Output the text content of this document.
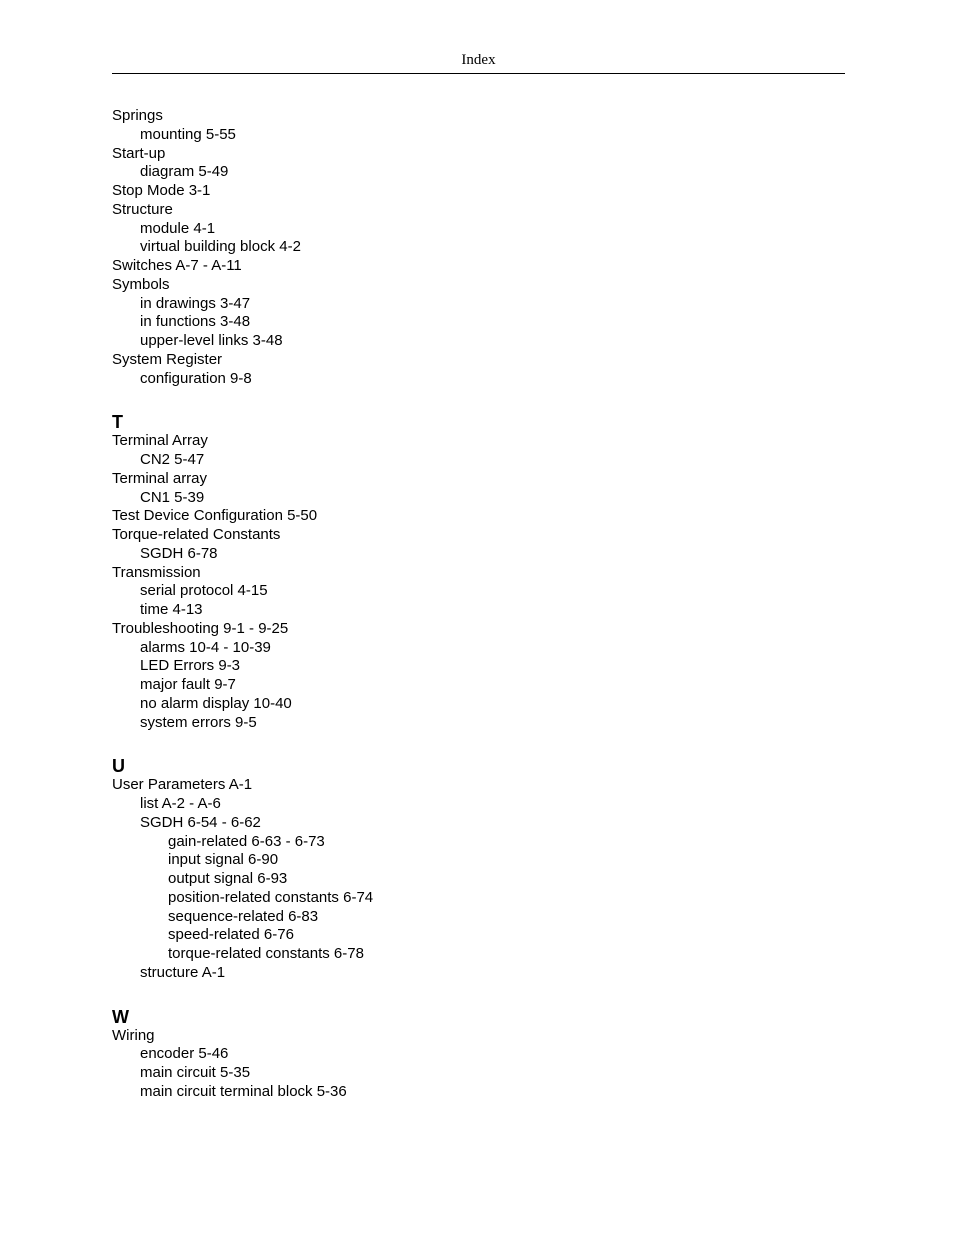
Index
Springs
mounting 5-55
Start-up
diagram 5-49
Stop Mode 3-1
Structure
module 4-1
virtual building block 4-2
Switches A-7 - A-11
Symbols
in drawings 3-47
in functions 3-48
upper-level links 3-48
System Register
configuration 9-8
T
Terminal Array
CN2 5-47
Terminal array
CN1 5-39
Test Device Configuration 5-50
Torque-related Constants
SGDH 6-78
Transmission
serial protocol 4-15
time 4-13
Troubleshooting 9-1 - 9-25
alarms 10-4 - 10-39
LED Errors 9-3
major fault 9-7
no alarm display 10-40
system errors 9-5
U
User Parameters A-1
list A-2 - A-6
SGDH 6-54 - 6-62
gain-related 6-63 - 6-73
input signal 6-90
output signal 6-93
position-related constants 6-74
sequence-related 6-83
speed-related 6-76
torque-related constants 6-78
structure A-1
W
Wiring
encoder 5-46
main circuit 5-35
main circuit terminal block 5-36
